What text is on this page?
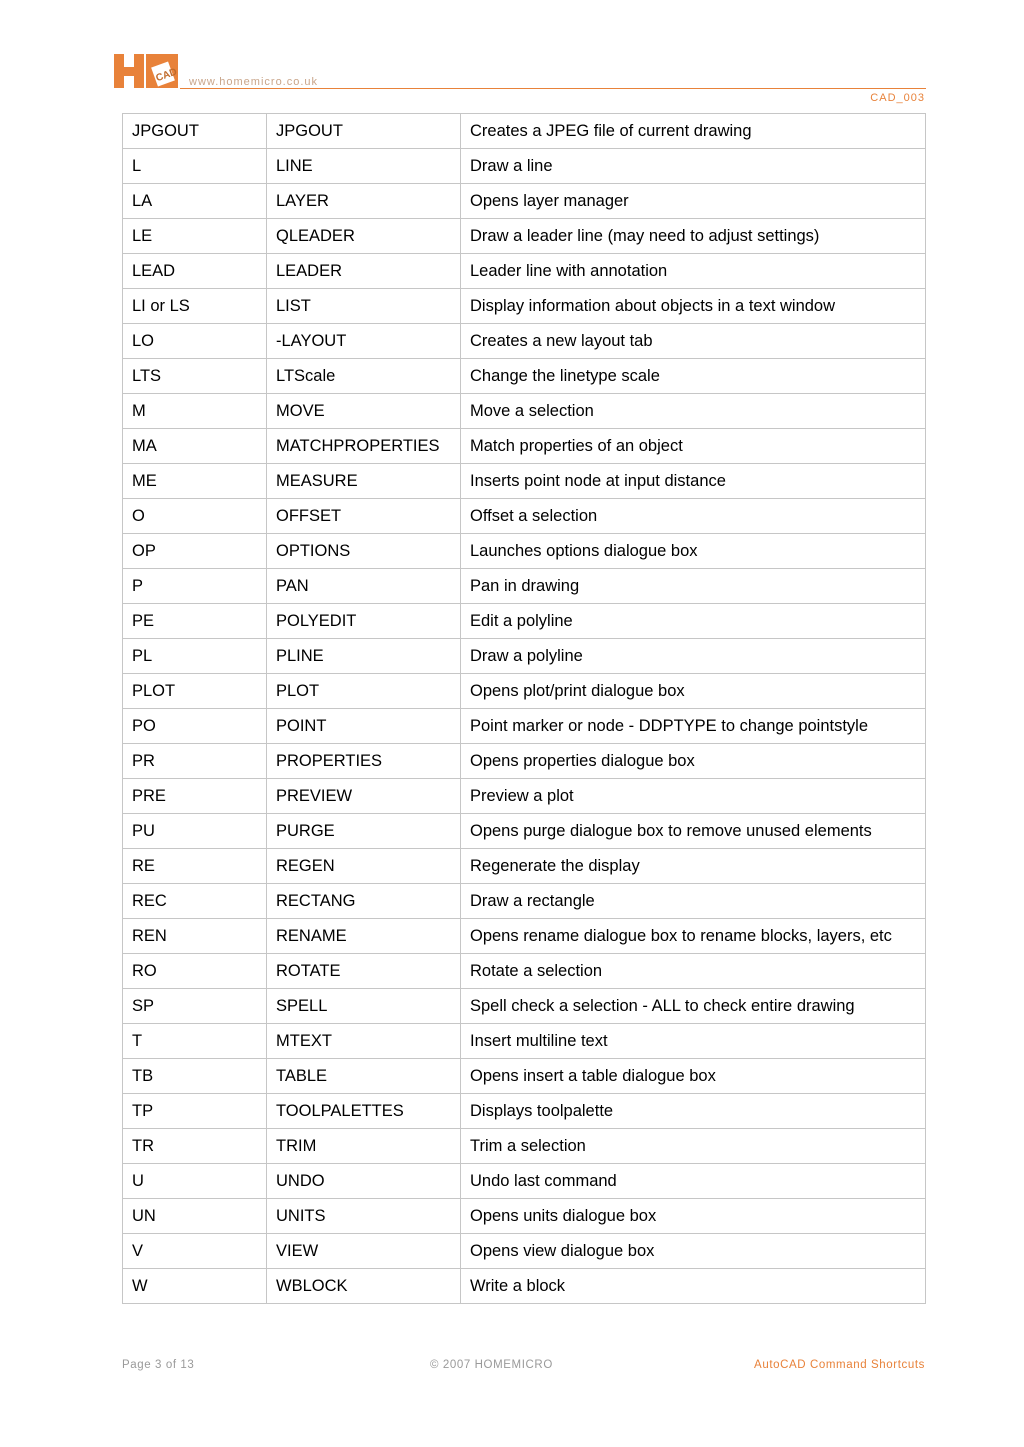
CAD www.homemicro.co.uk
CAD_003
JPGOUT	JPGOUT	Creates a JPEG file of current drawing
L	LINE	Draw a line
LA	LAYER	Opens layer manager
LE	QLEADER	Draw a leader line (may need to adjust settings)
LEAD	LEADER	Leader line with annotation
LI or LS	LIST	Display information about objects in a text window
LO	-LAYOUT	Creates a new layout tab
LTS	LTScale	Change the linetype scale
M	MOVE	Move a selection
MA	MATCHPROPERTIES	Match properties of an object
ME	MEASURE	Inserts point node at input distance
O	OFFSET	Offset a selection
OP	OPTIONS	Launches options dialogue box
P	PAN	Pan in drawing
PE	POLYEDIT	Edit a polyline
PL	PLINE	Draw a polyline
PLOT	PLOT	Opens plot/print dialogue box
PO	POINT	Point marker or node - DDPTYPE to change pointstyle
PR	PROPERTIES	Opens properties dialogue box
PRE	PREVIEW	Preview a plot
PU	PURGE	Opens purge dialogue box to remove unused elements
RE	REGEN	Regenerate the display
REC	RECTANG	Draw a rectangle
REN	RENAME	Opens rename dialogue box to rename blocks, layers, etc
RO	ROTATE	Rotate a selection
SP	SPELL	Spell check a selection - ALL to check entire drawing
T	MTEXT	Insert multiline text
TB	TABLE	Opens insert a table dialogue box
TP	TOOLPALETTES	Displays toolpalette
TR	TRIM	Trim a selection
U	UNDO	Undo last command
UN	UNITS	Opens units dialogue box
V	VIEW	Opens view dialogue box
W	WBLOCK	Write a block
Page 3 of 13	© 2007 HOMEMICRO	AutoCAD Command Shortcuts
